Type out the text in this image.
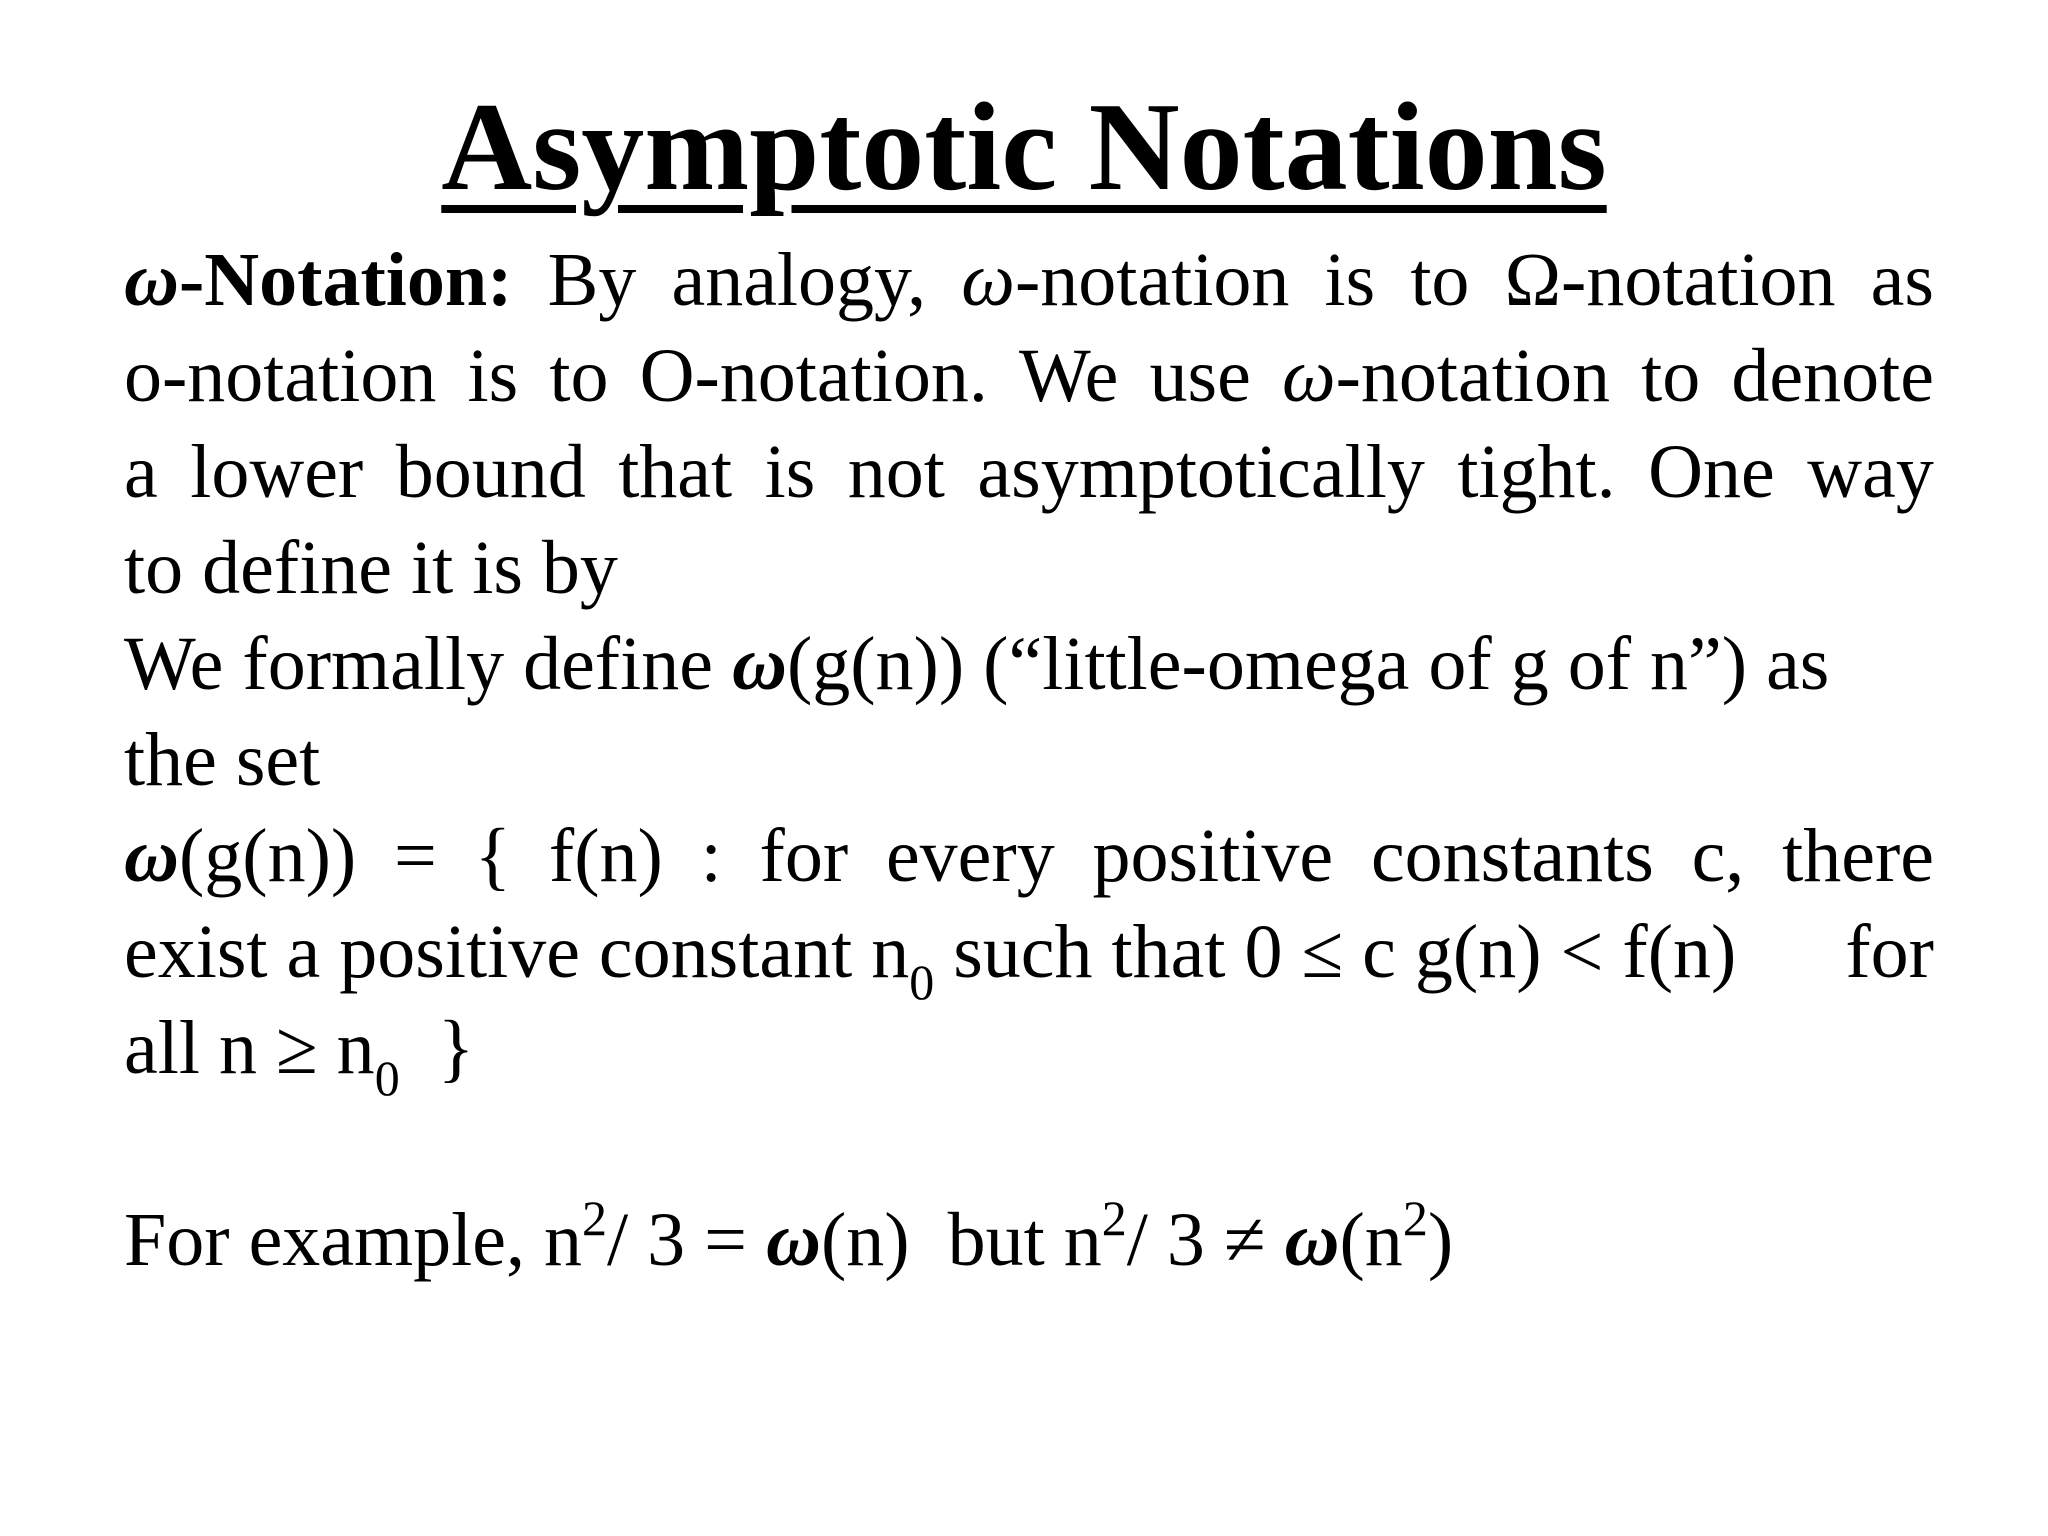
Asymptotic Notations
ω-Notation: By analogy, ω-notation is to Ω-notation as
o-notation is to O-notation. We use ω-notation to denote
a lower bound that is not asymptotically tight. One way
to define it is by
We formally define ω(g(n)) (“little-omega of g of n”) as
the set
ω(g(n)) = { f(n) : for every positive constants c, there
exist a positive constant $n_0$ such that 0 ≤ c g(n) < f(n) for
all $n \ge n_0$  }
For example, $n^2/$ 3 = ω(n)  but $n^2/$ $3 \ne \omega(n^2)$
